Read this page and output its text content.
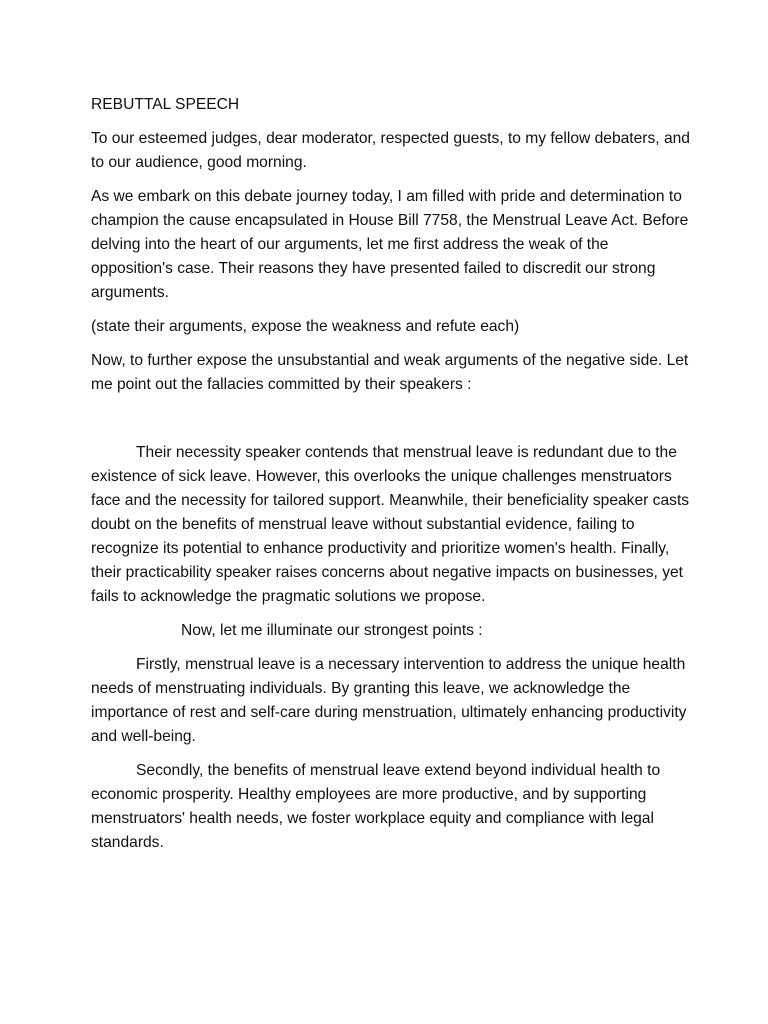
REBUTTAL SPEECH

To our esteemed judges, dear moderator, respected guests, to my fellow debaters, and to our audience, good morning.

As we embark on this debate journey today, I am filled with pride and determination to champion the cause encapsulated in House Bill 7758, the Menstrual Leave Act. Before delving into the heart of our arguments, let me first address the weak of the opposition's case. Their reasons they have presented failed to discredit our strong arguments.

(state their arguments, expose the weakness and refute each)

Now, to further expose the unsubstantial and weak arguments of the negative side. Let me point out the fallacies committed by their speakers :

Their necessity speaker contends that menstrual leave is redundant due to the existence of sick leave. However, this overlooks the unique challenges menstruators face and the necessity for tailored support. Meanwhile, their beneficiality speaker casts doubt on the benefits of menstrual leave without substantial evidence, failing to recognize its potential to enhance productivity and prioritize women's health. Finally, their practicability speaker raises concerns about negative impacts on businesses, yet fails to acknowledge the pragmatic solutions we propose.

Now, let me illuminate our strongest points :

Firstly, menstrual leave is a necessary intervention to address the unique health needs of menstruating individuals. By granting this leave, we acknowledge the importance of rest and self-care during menstruation, ultimately enhancing productivity and well-being.

Secondly, the benefits of menstrual leave extend beyond individual health to economic prosperity. Healthy employees are more productive, and by supporting menstruators' health needs, we foster workplace equity and compliance with legal standards.
